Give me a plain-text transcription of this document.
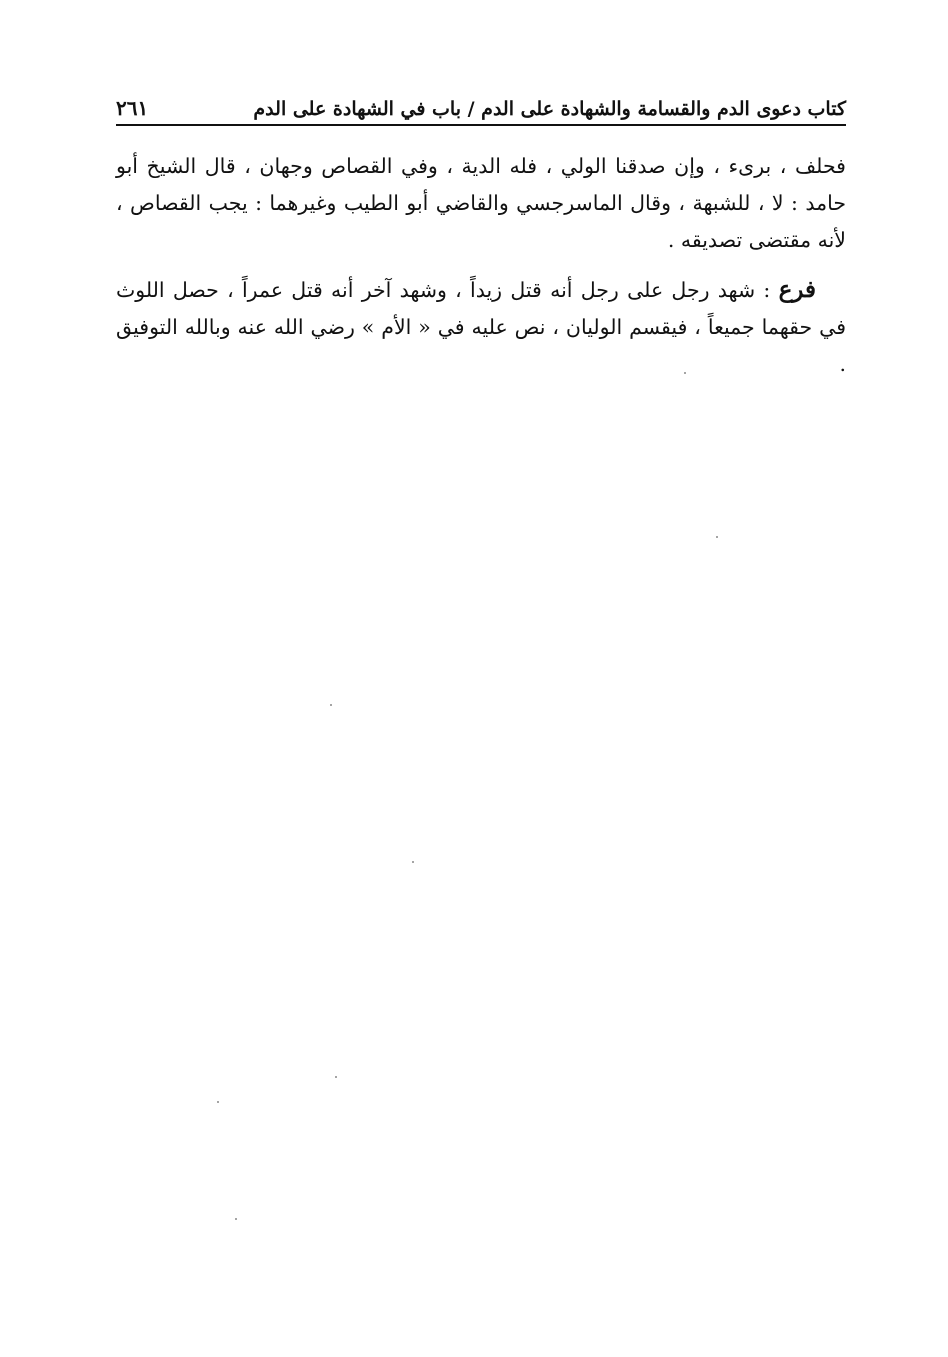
كتاب دعوى الدم والقسامة والشهادة على الدم / باب في الشهادة على الدم
٢٦١

فحلف ، برىء ، وإن صدقنا الولي ، فله الدية ، وفي القصاص وجهان ، قال الشيخ أبو حامد : لا ، للشبهة ، وقال الماسرجسي والقاضي أبو الطيب وغيرهما : يجب القصاص ، لأنه مقتضى تصديقه .

فرع : شهد رجل على رجل أنه قتل زيداً ، وشهد آخر أنه قتل عمراً ، حصل اللوث في حقهما جميعاً ، فيقسم الوليان ، نص عليه في « الأم » رضي الله عنه وبالله التوفيق .
